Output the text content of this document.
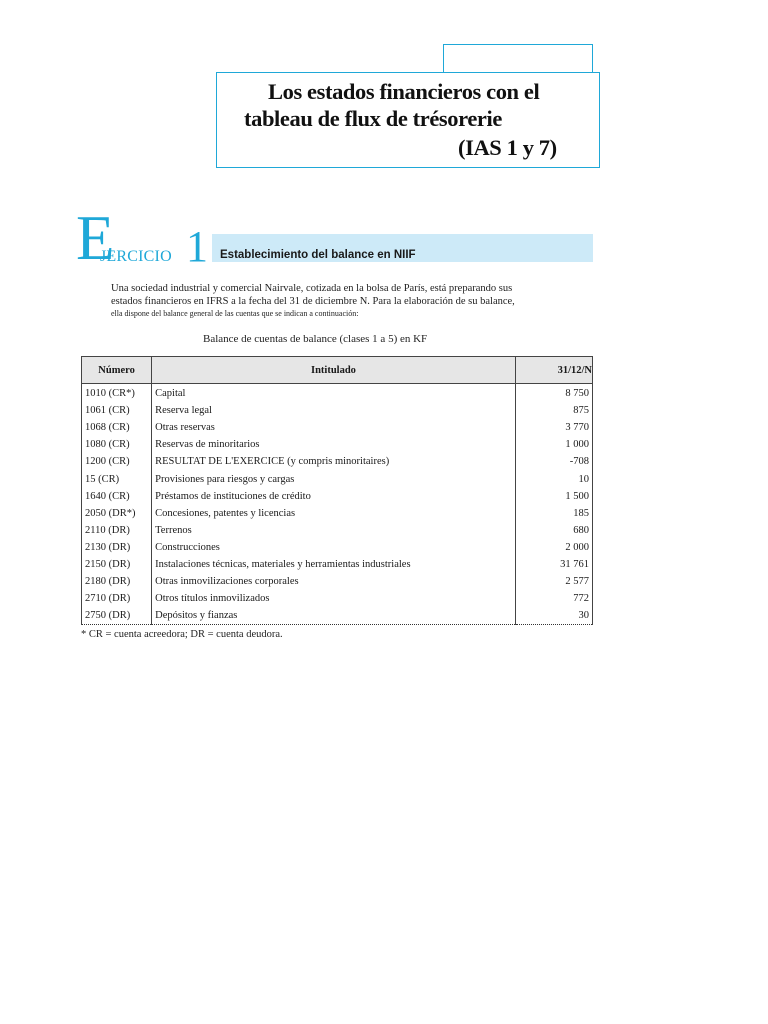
Los estados financieros con el
tableau de flux de trésorerie
(IAS 1 y 7)
Establecimiento del balance en NIIF
E
JERCICIO 1
Una sociedad industrial y comercial Nairvale, cotizada en la bolsa de París, está preparando sus
estados financieros en IFRS a la fecha del 31 de diciembre N. Para la elaboración de su balance,
ella dispone del balance general de las cuentas que se indican a continuación:
Balance de cuentas de balance (clases 1 a 5) en KF
Número	Intitulado	31/12/N
1010 (CR*)	Capital	8 750
1061 (CR)	Reserva legal	875
1068 (CR)	Otras reservas	3 770
1080 (CR)	Reservas de minoritarios	1 000
1200 (CR)	RESULTAT DE L'EXERCICE (y compris minoritaires)	-708
15 (CR)	Provisiones para riesgos y cargas	10
1640 (CR)	Préstamos de instituciones de crédito	1 500
2050 (DR*)	Concesiones, patentes y licencias	185
2110 (DR)	Terrenos	680
2130 (DR)	Construcciones	2 000
2150 (DR)	Instalaciones técnicas, materiales y herramientas industriales	31 761
2180 (DR)	Otras inmovilizaciones corporales	2 577
2710 (DR)	Otros títulos inmovilizados	772
2750 (DR)	Depósitos y fianzas	30
* CR = cuenta acreedora; DR = cuenta deudora.
